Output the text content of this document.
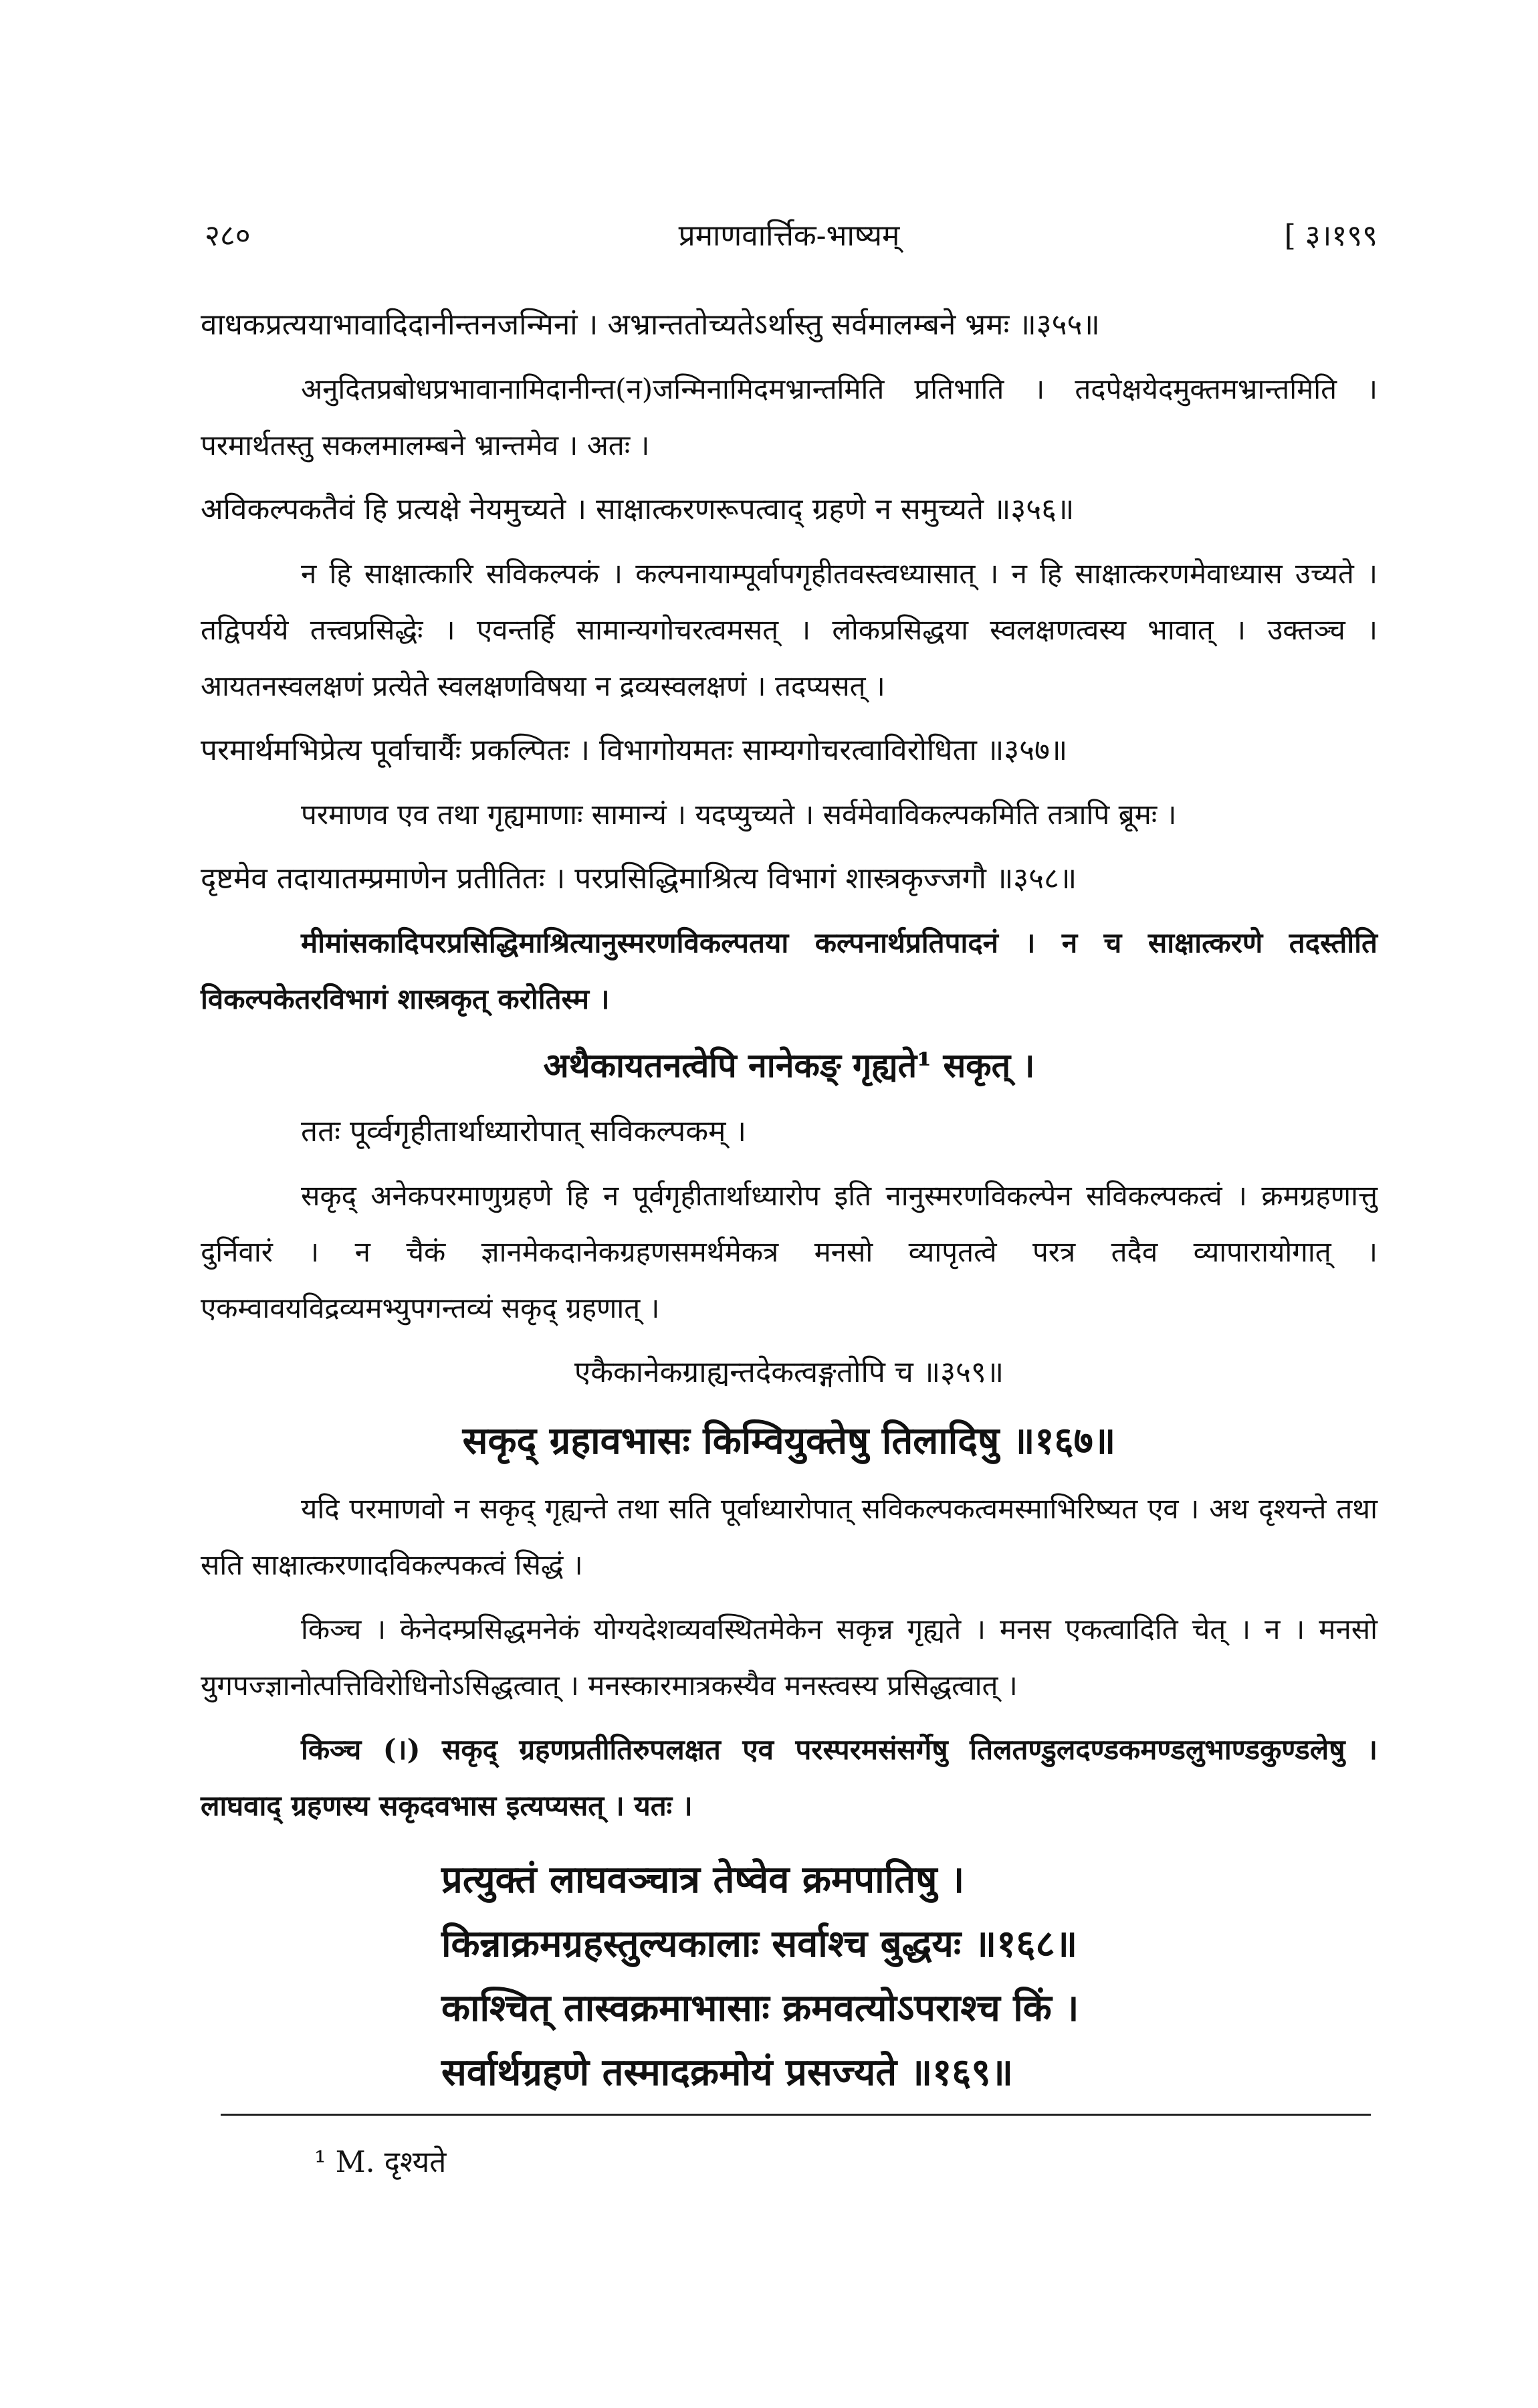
२८०	प्रमाणवार्त्तिक-भाष्यम्	[ ३।१९९

वाधकप्रत्ययाभावादिदानीन्तनजन्मिनां । अभ्रान्ततोच्यतेऽर्थास्तु सर्वमालम्बने भ्रमः ॥३५५॥

अनुदितप्रबोधप्रभावानामिदानीन्त(न)जन्मिनामिदमभ्रान्तमिति प्रतिभाति । तदपेक्षयेदमुक्तमभ्रान्तमिति । परमार्थतस्तु सकलमालम्बने भ्रान्तमेव । अतः ।

अविकल्पकतैवं हि प्रत्यक्षे नेयमुच्यते । साक्षात्करणरूपत्वाद् ग्रहणे न समुच्यते ॥३५६॥

न हि साक्षात्कारि सविकल्पकं । कल्पनायाम्पूर्वापगृहीतवस्त्वध्यासात् । न हि साक्षात्करणमेवाध्यास उच्यते । तद्विपर्यये तत्त्वप्रसिद्धेः । एवन्तर्हि सामान्यगोचरत्वमसत् । लोकप्रसिद्धया स्वलक्षणत्वस्य भावात् । उक्तञ्च । आयतनस्वलक्षणं प्रत्येते स्वलक्षणविषया न द्रव्यस्वलक्षणं । तदप्यसत् ।

परमार्थमभिप्रेत्य पूर्वाचार्यैः प्रकल्पितः । विभागोयमतः साम्यगोचरत्वाविरोधिता ॥३५७॥

परमाणव एव तथा गृह्यमाणाः सामान्यं । यदप्युच्यते । सर्वमेवाविकल्पकमिति तत्रापि ब्रूमः ।

दृष्टमेव तदायातम्प्रमाणेन प्रतीतितः । परप्रसिद्धिमाश्रित्य विभागं शास्त्रकृज्जगौ ॥३५८॥

मीमांसकादिपरप्रसिद्धिमाश्रित्यानुस्मरणविकल्पतया कल्पनार्थप्रतिपादनं । न च साक्षात्करणे तदस्तीति विकल्पकेतरविभागं शास्त्रकृत् करोतिस्म ।

अथैकायतनत्वेपि नानेकङ् गृह्यते¹ सकृत् ।

ततः पूर्व्वगृहीतार्थाध्यारोपात् सविकल्पकम् ।

सकृद् अनेकपरमाणुग्रहणे हि न पूर्वगृहीतार्थाध्यारोप इति नानुस्मरणविकल्पेन सविकल्पकत्वं । क्रमग्रहणात्तु दुर्निवारं । न चैकं ज्ञानमेकदानेकग्रहणसमर्थमेकत्र मनसो व्यापृतत्वे परत्र तदैव व्यापारायोगात् । एकम्वावयविद्रव्यमभ्युपगन्तव्यं सकृद् ग्रहणात् ।

एकैकानेकग्राह्यन्तदेकत्वङ्गतोपि च ॥३५९॥

सकृद् ग्रहावभासः किम्वियुक्तेषु तिलादिषु ॥१६७॥

यदि परमाणवो न सकृद् गृह्यन्ते तथा सति पूर्वाध्यारोपात् सविकल्पकत्वमस्माभिरिष्यत एव । अथ दृश्यन्ते तथा सति साक्षात्करणादविकल्पकत्वं सिद्धं ।

किञ्च । केनेदम्प्रसिद्धमनेकं योग्यदेशव्यवस्थितमेकेन सकृन्न गृह्यते । मनस एकत्वादिति चेत् । न । मनसो युगपज्ज्ञानोत्पत्तिविरोधिनोऽसिद्धत्वात् । मनस्कारमात्रकस्यैव मनस्त्वस्य प्रसिद्धत्वात् ।

किञ्च (।) सकृद् ग्रहणप्रतीतिरुपलक्षत एव परस्परमसंसर्गेषु तिलतण्डुलदण्डकमण्डलुभाण्डकुण्डलेषु । लाघवाद् ग्रहणस्य सकृदवभास इत्यप्यसत् । यतः ।

प्रत्युक्तं लाघवञ्चात्र तेष्वेव क्रमपातिषु ।
किन्नाक्रमग्रहस्तुल्यकालाः सर्वाश्च बुद्धयः ॥१६८॥
काश्चित् तास्वक्रमाभासाः क्रमवत्योऽपराश्च किं ।
सर्वार्थग्रहणे तस्मादक्रमोयं प्रसज्यते ॥१६९॥
¹ M. दृश्यते
